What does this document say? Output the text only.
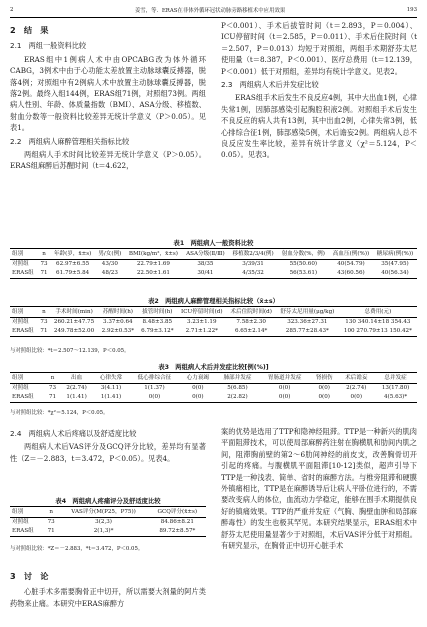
2	姜雪，等．ERAS在非体外循环冠状动脉旁路移植术中应用效果	193
2　结　果
2.1　两组一般资料比较

ERAS组中1例病人术中由OPCABG改为体外循环CABG，3例术中由于心功能太差放置主动脉球囊反搏器，脱落4例；对照组中有2例病人术中放置主动脉球囊反搏器，脱落2例。最终入组144例，ERAS组71例，对照组73例。两组病人性别、年龄、体质量指数（BMI）、ASA分级、移植数、射血分数等一般资料比较差异无统计学意义（P＞0.05）。见表1。

2.2　两组病人麻醉管理相关指标比较

两组病人手术时间比较差异无统计学意义（P＞0.05）。ERAS组麻醉后苏醒时间（t＝4.622，

P＜0.001）、手术后拔管时间（t＝2.893，P＝0.004）、ICU停留时间（t＝2.585，P＝0.011）、手术后住院时间（t＝2.507，P＝0.013）均短于对照组，两组手术期舒芬太尼使用量（t＝8.387，P＜0.001）、医疗总费用（t＝12.139，P＜0.001）低于对照组，差异均有统计学意义。见表2。

2.3　两组病人术后并发症比较

ERAS组手术后发生不良反应4例，其中大出血1例，心律失常1例，因肺部感染引起胸腔积液2例。对照组手术后发生不良反应的病人共有13例，其中出血2例，心律失常3例，低心排综合征1例，肺部感染5例，术后谵妄2例。两组病人总不良反应发生率比较，差异有统计学意义（χ²＝5.124，P＜0.05）。见表3。

表1　两组病人一般资料比较
组别	n	年龄(岁，x̄±s)	男/女(例)	BMI(kg/m²，x̄±s)	ASA分级(Ⅱ/Ⅲ)	移植数2/3/4(例)	射血分数(%，例)	高血压(例(%))	糖尿病(例(%))
对照组	73	62.97±6.55	43/30	22.79±1.69	38/35	3/39/31	55(50.60)	40(54.79)	35(47.95)
ERAS组	71	61.79±5.84	48/23	22.50±1.61	30/41	4/35/32	56(53.61)	43(60.56)	40(56.34)
表2　两组病人麻醉管理相关指标比较（x̄±s）
组别	n	手术时间(min)	苏醒时间(h)	拔管时间(h)	ICU停留时间(d)	术后住院时间(d)	舒芬太尼用量(μg/kg)	总费用(元)
对照组	73	260.21±47.75	3.37±0.64	8.48±3.85	3.23±1.19	7.58±2.30	323.36±27.31	130 340.14±18 354.43
ERAS组	71	249.78±52.00	2.92±0.53*	6.79±3.12*	2.71±1.22*	6.65±2.14*	285.77±28.43*	100 270.79±13 150.42*
与对照组比较：*t＝2.507～12.139，P＜0.05。
表3　两组病人术后并发症比较[例(%)]
组别	n	出血	心律失常	低心排综合征	心力衰竭	肺部并发症	胃肠道并发症	肾损伤	术后谵妄	总并发症
对照组	73	2(2.74)	3(4.11)	1(1.37)	0(0)	5(6.85)	0(0)	0(0)	2(2.74)	13(17.80)
ERAS组	71	1(1.41)	1(1.41)	0(0)	0(0)	2(2.82)	0(0)	0(0)	0(0)	4(5.63)*
与对照组比较：*χ²＝5.124，P＜0.05。
2.4　两组病人术后疼痛以及舒适度比较

两组病人术后VAS评分及GCQ评分比较，差异均有显著性（Z＝－2.883，t＝3.472，P＜0.05）。见表4。

表4　两组病人疼痛评分及舒适度比较
组别	n	VAS评分(M(P25，P75))	GCQ评分(x̄±s)
对照组	73	3(2,3)	84.86±8.21
ERAS组	71	2(1,3)*	89.72±8.57*
与对照组比较：*Z＝－2.883，*t＝3.472，P＜0.05。
3　讨　论

心脏手术多需要胸骨正中切开，所以需要大剂量的阿片类药物来止痛。本研究中ERAS麻醉方

案的优势是选用了TTP和隐神经阻滞。TTP是一种新兴的肌肉平面阻滞技术，可以使局部麻醉药注射在胸横肌和肋间内肌之间，阻滞胸前壁的第2～6肋间神经的前皮支，改善胸骨切开引起的疼痛。与腹横肌平面阻滞[10-12]类似，超声引导下TTP是一种浅表、简单、省时的麻醉方法。与椎旁阻滞和硬膜外镇痛相比，TTP是在麻醉诱导后让病人平卧位进行的，不需要改变病人的体位，血流动力学稳定，能够在围手术期提供良好的镇痛效果。TTP的严重并发症（气胸、胸壁血肿和局部麻醉毒性）的发生也极其罕见。本研究结果显示，ERAS组术中舒芬太尼使用量显著少于对照组，术后VAS评分低于对照组。有研究显示，在胸骨正中切开心脏手术
